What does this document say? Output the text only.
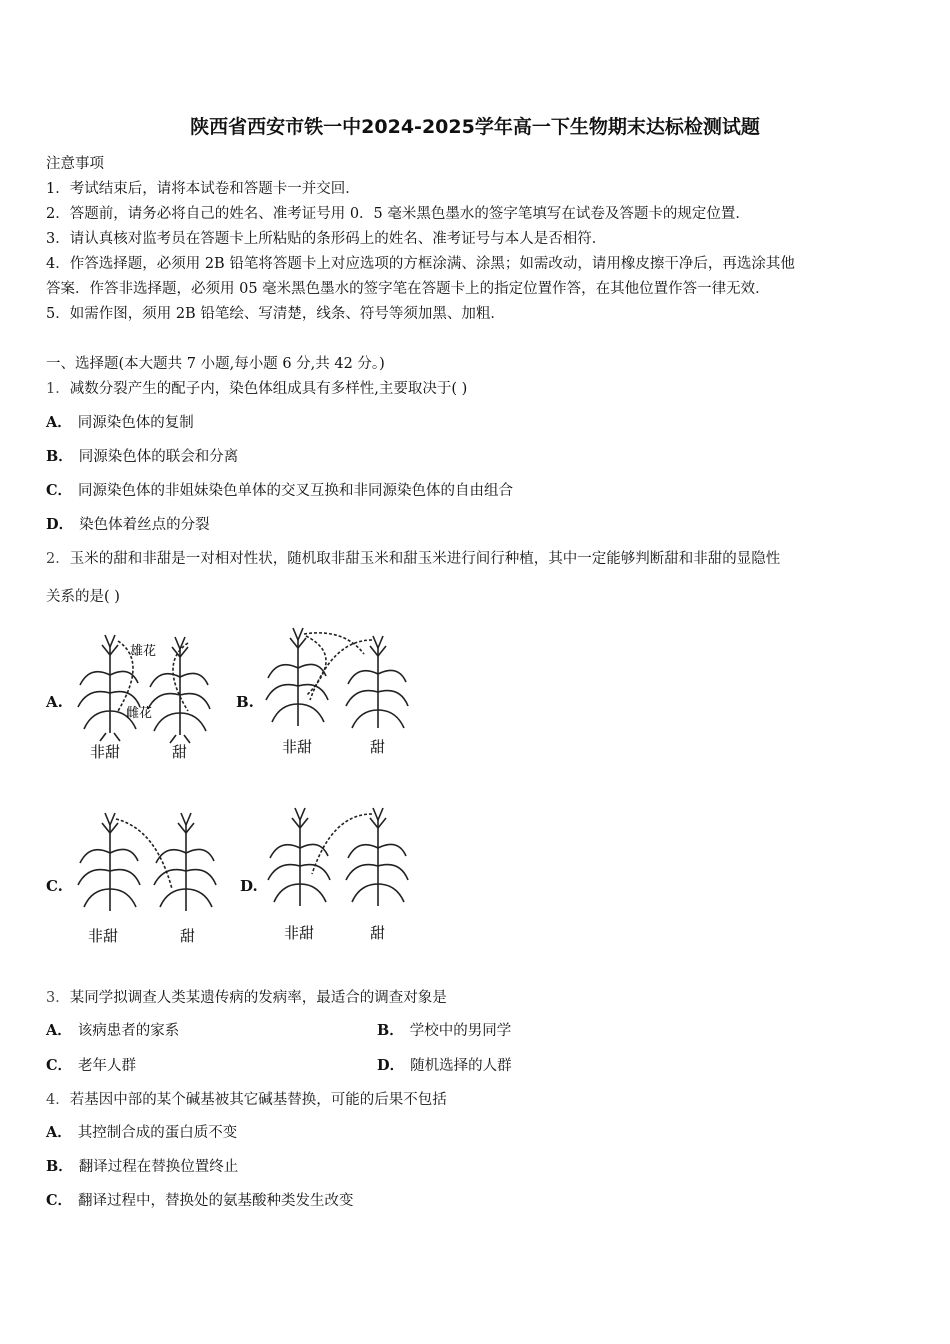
陕西省西安市铁一中2024-2025学年高一下生物期末达标检测试题
注意事项
1．考试结束后，请将本试卷和答题卡一并交回．
2．答题前，请务必将自己的姓名、准考证号用 0．5 毫米黑色墨水的签字笔填写在试卷及答题卡的规定位置．
3．请认真核对监考员在答题卡上所粘贴的条形码上的姓名、准考证号与本人是否相符．
4．作答选择题，必须用 2B 铅笔将答题卡上对应选项的方框涂满、涂黑；如需改动，请用橡皮擦干净后，再选涂其他
答案．作答非选择题，必须用 05 毫米黑色墨水的签字笔在答题卡上的指定位置作答，在其他位置作答一律无效．
5．如需作图，须用 2B 铅笔绘、写清楚，线条、符号等须加黑、加粗．
一、选择题(本大题共 7 小题,每小题 6 分,共 42 分。)
1．减数分裂产生的配子内，染色体组成具有多样性,主要取决于( )
A． 同源染色体的复制
B． 同源染色体的联会和分离
C． 同源染色体的非姐妹染色单体的交叉互换和非同源染色体的自由组合
D． 染色体着丝点的分裂
2．玉米的甜和非甜是一对相对性状，随机取非甜玉米和甜玉米进行间行种植，其中一定能够判断甜和非甜的显隐性
关系的是( )
A.
雄花
雌花
非甜	甜
B.
非甜	甜
C.
非甜	甜
D.
非甜	甜
3．某同学拟调查人类某遗传病的发病率，最适合的调查对象是
A． 该病患者的家系	B． 学校中的男同学
C． 老年人群	D． 随机选择的人群
4．若基因中部的某个碱基被其它碱基替换，可能的后果不包括
A． 其控制合成的蛋白质不变
B． 翻译过程在替换位置终止
C． 翻译过程中，替换处的氨基酸种类发生改变
